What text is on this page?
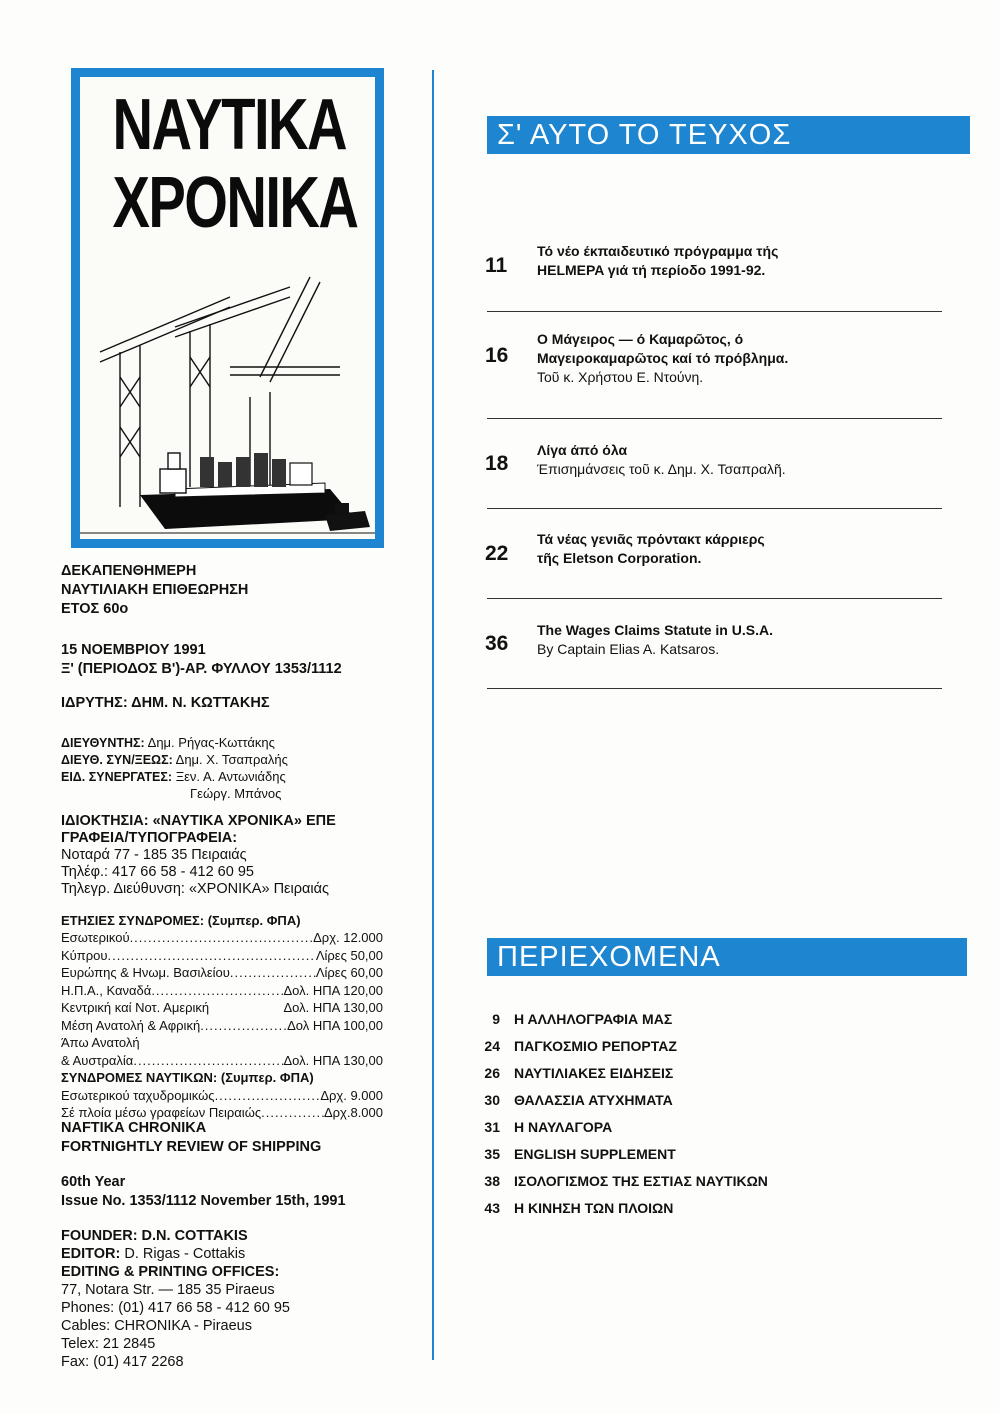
ΝΑΥΤΙΚΑ
ΧΡΟΝΙΚΑ
ΔΕΚΑΠΕΝΘΗΜΕΡΗ
ΝΑΥΤΙΛΙΑΚΗ ΕΠΙΘΕΩΡΗΣΗ
ΕΤΟΣ 60ο
15 ΝΟΕΜΒΡΙΟΥ 1991
Ξ' (ΠΕΡΙΟΔΟΣ Β')-ΑΡ. ΦΥΛΛΟΥ 1353/1112
ΙΔΡΥΤΗΣ: ΔΗΜ. Ν. ΚΩΤΤΑΚΗΣ
ΔΙΕΥΘΥΝΤΗΣ: Δημ. Ρήγας-Κωττάκης
ΔΙΕΥΘ. ΣΥΝ/ΞΕΩΣ: Δημ. Χ. Τσαπραλής
ΕΙΔ. ΣΥΝΕΡΓΑΤΕΣ: Ξεν. Α. Αντωνιάδης
Γεώργ. Μπάνος
ΙΔΙΟΚΤΗΣΙΑ: «ΝΑΥΤΙΚΑ ΧΡΟΝΙΚΑ» ΕΠΕ
ΓΡΑΦΕΙΑ/ΤΥΠΟΓΡΑΦΕΙΑ:
Νοταρά 77 - 185 35 Πειραιάς
Τηλέφ.: 417 66 58 - 412 60 95
Τηλεγρ. Διεύθυνση: «ΧΡΟΝΙΚΑ» Πειραιάς
ΕΤΗΣΙΕΣ ΣΥΝΔΡΟΜΕΣ: (Συμπερ. ΦΠΑ)
Εσωτερικού .....	Δρχ. 12.000
Κύπρου .....	Λίρες 50,00
Ευρώπης & Ηνωμ. Βασιλείου .....	Λίρες 60,00
Η.Π.Α., Καναδά .....	Δολ. ΗΠΑ 120,00
Κεντρική καί Νοτ. Αμερική	Δολ. ΗΠΑ 130,00
Μέση Ανατολή & Αφρική .....	Δολ ΗΠΑ 100,00
Άπω Ανατολή
& Αυστραλία .....	Δολ. ΗΠΑ 130,00
ΣΥΝΔΡΟΜΕΣ ΝΑΥΤΙΚΩΝ: (Συμπερ. ΦΠΑ)
Εσωτερικού ταχυδρομικώς .....	Δρχ. 9.000
Σέ πλοία μέσω γραφείων Πειραιώς .....	Δρχ.8.000
NAFTIKA CHRONIKA
FORTNIGHTLY REVIEW OF SHIPPING
60th Year
Issue No. 1353/1112 November 15th, 1991
FOUNDER: D.N. COTTAKIS
EDITOR: D. Rigas - Cottakis
EDITING & PRINTING OFFICES:
77, Notara Str. — 185 35 Piraeus
Phones: (01) 417 66 58 - 412 60 95
Cables: CHRONIKA - Piraeus
Telex: 21 2845
Fax: (01) 417 2268
Σ' ΑΥΤΟ ΤΟ ΤΕΥΧΟΣ
11
Τό νέο έκπαιδευτικό πρόγραμμα τής
HELMEPA γιά τή περίοδο 1991-92.
16
Ο Μάγειρος — ό Καμαρῶτος, ό
Μαγειροκαμαρῶτος καί τό πρόβλημα.
Τοῦ κ. Χρήστου Ε. Ντούνη.
18
Λίγα άπό όλα
Έπισημάνσεις τοῦ κ. Δημ. Χ. Τσαπραλῆ.
22
Τά νέας γενιᾶς πρόντακτ κάρριερς
τῆς Eletson Corporation.
36
The Wages Claims Statute in U.S.A.
By Captain Elias A. Katsaros.
ΠΕΡΙΕΧΟΜΕΝΑ
9 Η ΑΛΛΗΛΟΓΡΑΦΙΑ ΜΑΣ
24 ΠΑΓΚΟΣΜΙΟ ΡΕΠΟΡΤΑΖ
26 ΝΑΥΤΙΛΙΑΚΕΣ ΕΙΔΗΣΕΙΣ
30 ΘΑΛΑΣΣΙΑ ΑΤΥΧΗΜΑΤΑ
31 Η ΝΑΥΛΑΓΟΡΑ
35 ENGLISH SUPPLEMENT
38 ΙΣΟΛΟΓΙΣΜΟΣ ΤΗΣ ΕΣΤΙΑΣ ΝΑΥΤΙΚΩΝ
43 Η ΚΙΝΗΣΗ ΤΩΝ ΠΛΟΙΩΝ
